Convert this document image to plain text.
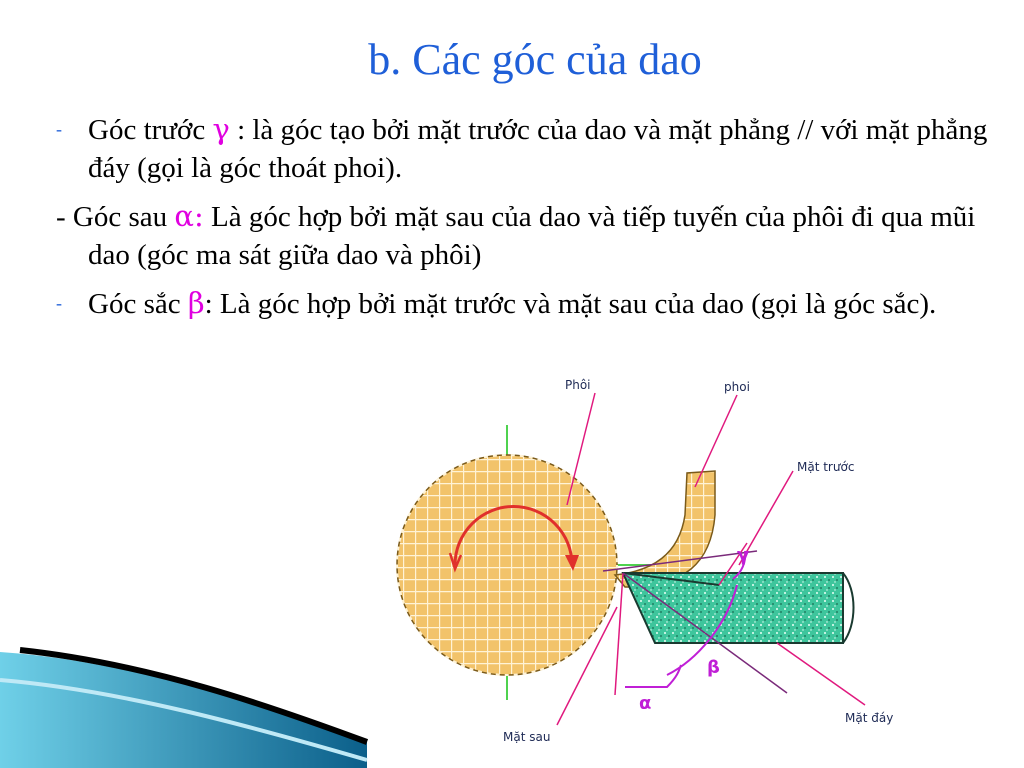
b. Các góc của dao
- Góc trước γ : là góc tạo bởi mặt trước của dao và mặt phẳng // với mặt phẳng đáy (gọi là góc thoát phoi).
- Góc sau α: Là góc hợp bởi mặt sau của dao và tiếp tuyến của phôi đi qua mũi dao (góc ma sát giữa dao và phôi)
- Góc sắc β: Là góc hợp bởi mặt trước và mặt sau của dao (gọi là góc sắc).
Phôi	phoi
Mặt trước
Mặt sau
Mặt đáy
γ
β
α
